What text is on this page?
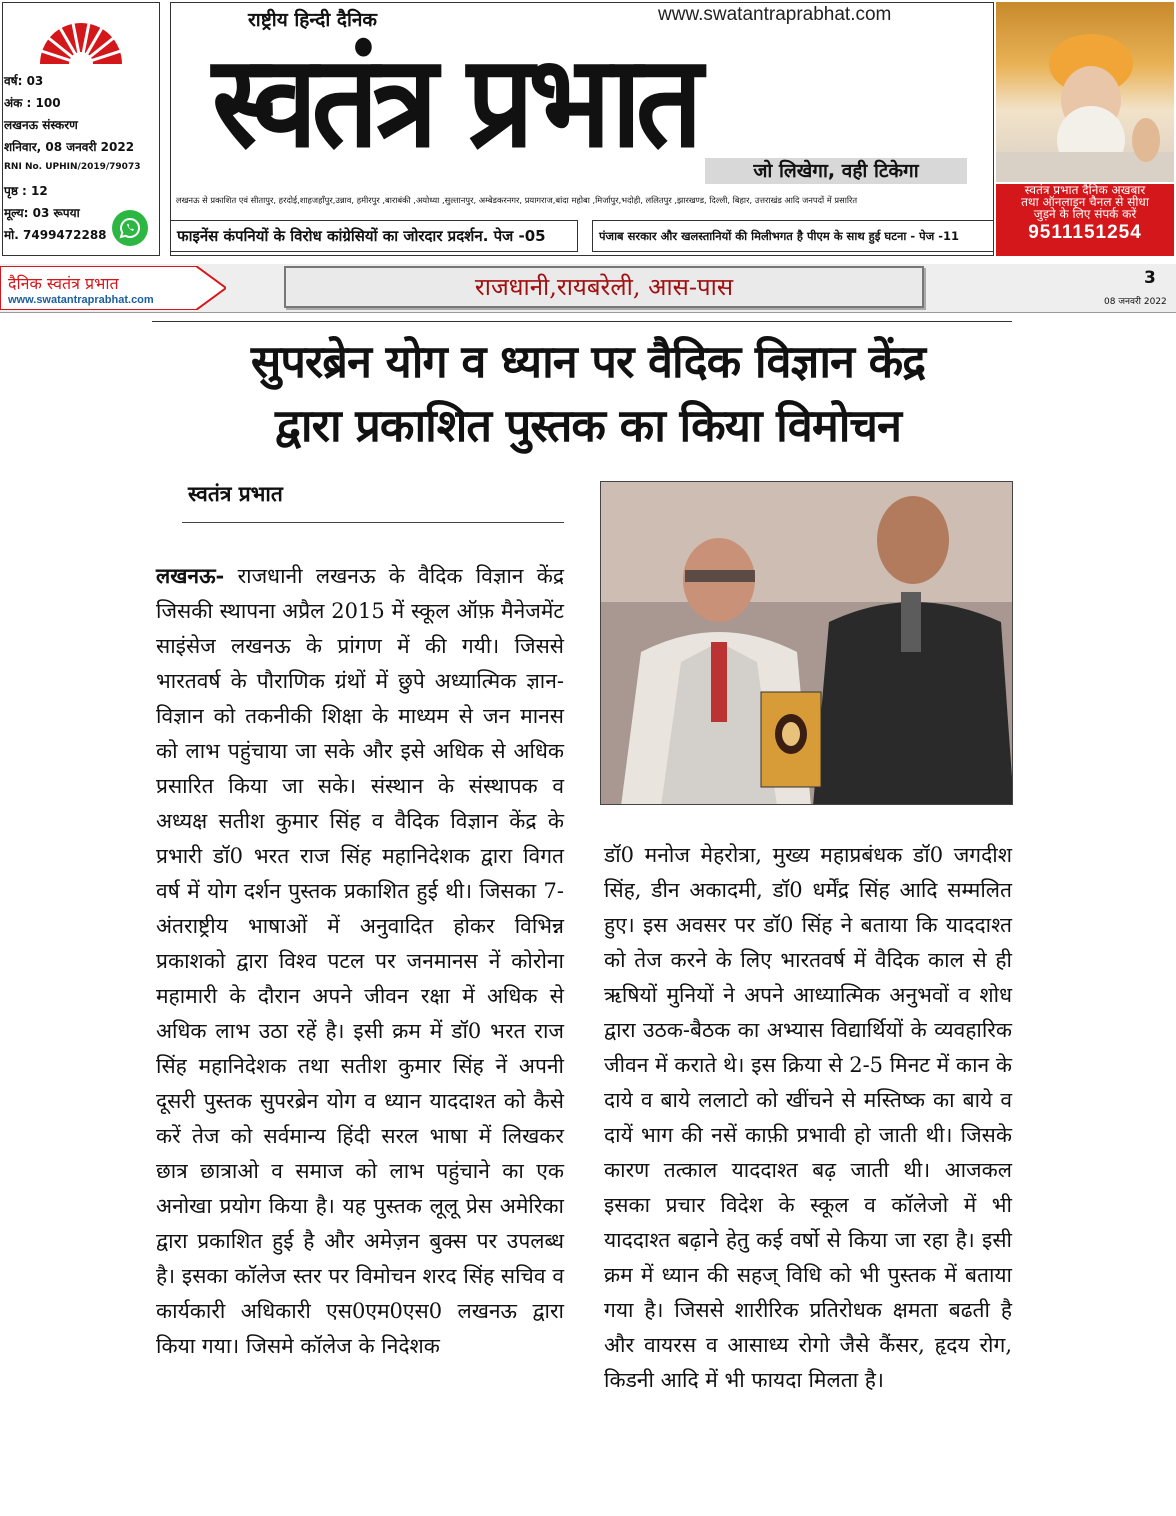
वर्ष: 03
अंक : 100
लखनऊ संस्करण
शनिवार, 08 जनवरी 2022
RNI No. UPHIN/2019/79073
पृष्ठ : 12
मूल्य: 03 रूपया
मो. 7499472288
राष्ट्रीय हिन्दी दैनिक	www.swatantraprabhat.com
स्वतंत्र प्रभात	जो लिखेगा, वही टिकेगा
लखनऊ से प्रकाशित एवं सीतापुर, हरदोई,शाहजहाँपुर,उन्नाव, हमीरपुर ,बाराबंकी ,अयोध्या ,सुल्तानपुर, अम्बेडकरनगर, प्रयागराज,बांदा महोबा ,मिर्जापुर,भदोही, ललितपुर ,झारखण्ड, दिल्ली, बिहार, उत्तराखंड आदि जनपदों में प्रसारित
फाइनेंस कंपनियों के विरोध कांग्रेसियों का जोरदार प्रदर्शन. पेज -05	पंजाब सरकार और खलस्तानियों की मिलीभगत है पीएम के साथ हुई घटना - पेज -11
स्वतंत्र प्रभात दैनिक अखबार
तथा ऑनलाइन चैनल से सीधा
जुड़ने के लिए संपर्क करें
9511151254
दैनिक स्वतंत्र प्रभात
www.swatantraprabhat.com	राजधानी,रायबरेली, आस-पास	3
08 जनवरी 2022
सुपरब्रेन योग व ध्यान पर वैदिक विज्ञान केंद्र
द्वारा प्रकाशित पुस्तक का किया विमोचन
स्वतंत्र प्रभात
लखनऊ- राजधानी लखनऊ के वैदिक विज्ञान केंद्र जिसकी स्थापना अप्रैल 2015 में स्कूल ऑफ़ मैनेजमेंट साइंसेज लखनऊ के प्रांगण में की गयी। जिससे भारतवर्ष के पौराणिक ग्रंथों में छुपे अध्यात्मिक ज्ञान-विज्ञान को तकनीकी शिक्षा के माध्यम से जन मानस को लाभ पहुंचाया जा सके और इसे अधिक से अधिक प्रसारित किया जा सके। संस्थान के संस्थापक व अध्यक्ष सतीश कुमार सिंह व वैदिक विज्ञान केंद्र के प्रभारी डॉ0 भरत राज सिंह महानिदेशक द्वारा विगत वर्ष में योग दर्शन पुस्तक प्रकाशित हुई थी। जिसका 7-अंतराष्ट्रीय भाषाओं में अनुवादित होकर विभिन्न प्रकाशको द्वारा विश्व पटल पर जनमानस नें कोरोना महामारी के दौरान अपने जीवन रक्षा में अधिक से अधिक लाभ उठा रहें है। इसी क्रम में डॉ0 भरत राज सिंह महानिदेशक तथा सतीश कुमार सिंह नें अपनी दूसरी पुस्तक सुपरब्रेन योग व ध्यान याददाश्त को कैसे करें तेज को सर्वमान्य हिंदी सरल भाषा में लिखकर छात्र छात्राओ व समाज को लाभ पहुंचाने का एक अनोखा प्रयोग किया है। यह पुस्तक लूलू प्रेस अमेरिका द्वारा प्रकाशित हुई है और अमेज़न बुक्स पर उपलब्ध है। इसका कॉलेज स्तर पर विमोचन शरद सिंह सचिव व कार्यकारी अधिकारी एस0एम0एस0 लखनऊ द्वारा किया गया। जिसमे कॉलेज के निदेशक
डॉ0 मनोज मेहरोत्रा, मुख्य महाप्रबंधक डॉ0 जगदीश सिंह, डीन अकादमी, डॉ0 धर्मेंद्र सिंह आदि सम्मलित हुए। इस अवसर पर डॉ0 सिंह ने बताया कि याददाश्त को तेज करने के लिए भारतवर्ष में वैदिक काल से ही ऋषियों मुनियों ने अपने आध्यात्मिक अनुभवों व शोध द्वारा उठक-बैठक का अभ्यास विद्यार्थियों के व्यवहारिक जीवन में कराते थे। इस क्रिया से 2-5 मिनट में कान के दाये व बाये ललाटो को खींचने से मस्तिष्क का बाये व दायें भाग की नसें काफ़ी प्रभावी हो जाती थी। जिसके कारण तत्काल याददाश्त बढ़ जाती थी। आजकल इसका प्रचार विदेश के स्कूल व कॉलेजो में भी याददाश्त बढ़ाने हेतु कई वर्षो से किया जा रहा है। इसी क्रम में ध्यान की सहज् विधि को भी पुस्तक में बताया गया है। जिससे शारीरिक प्रतिरोधक क्षमता बढती है और वायरस व आसाध्य रोगो जैसे कैंसर, हृदय रोग, किडनी आदि में भी फायदा मिलता है।
